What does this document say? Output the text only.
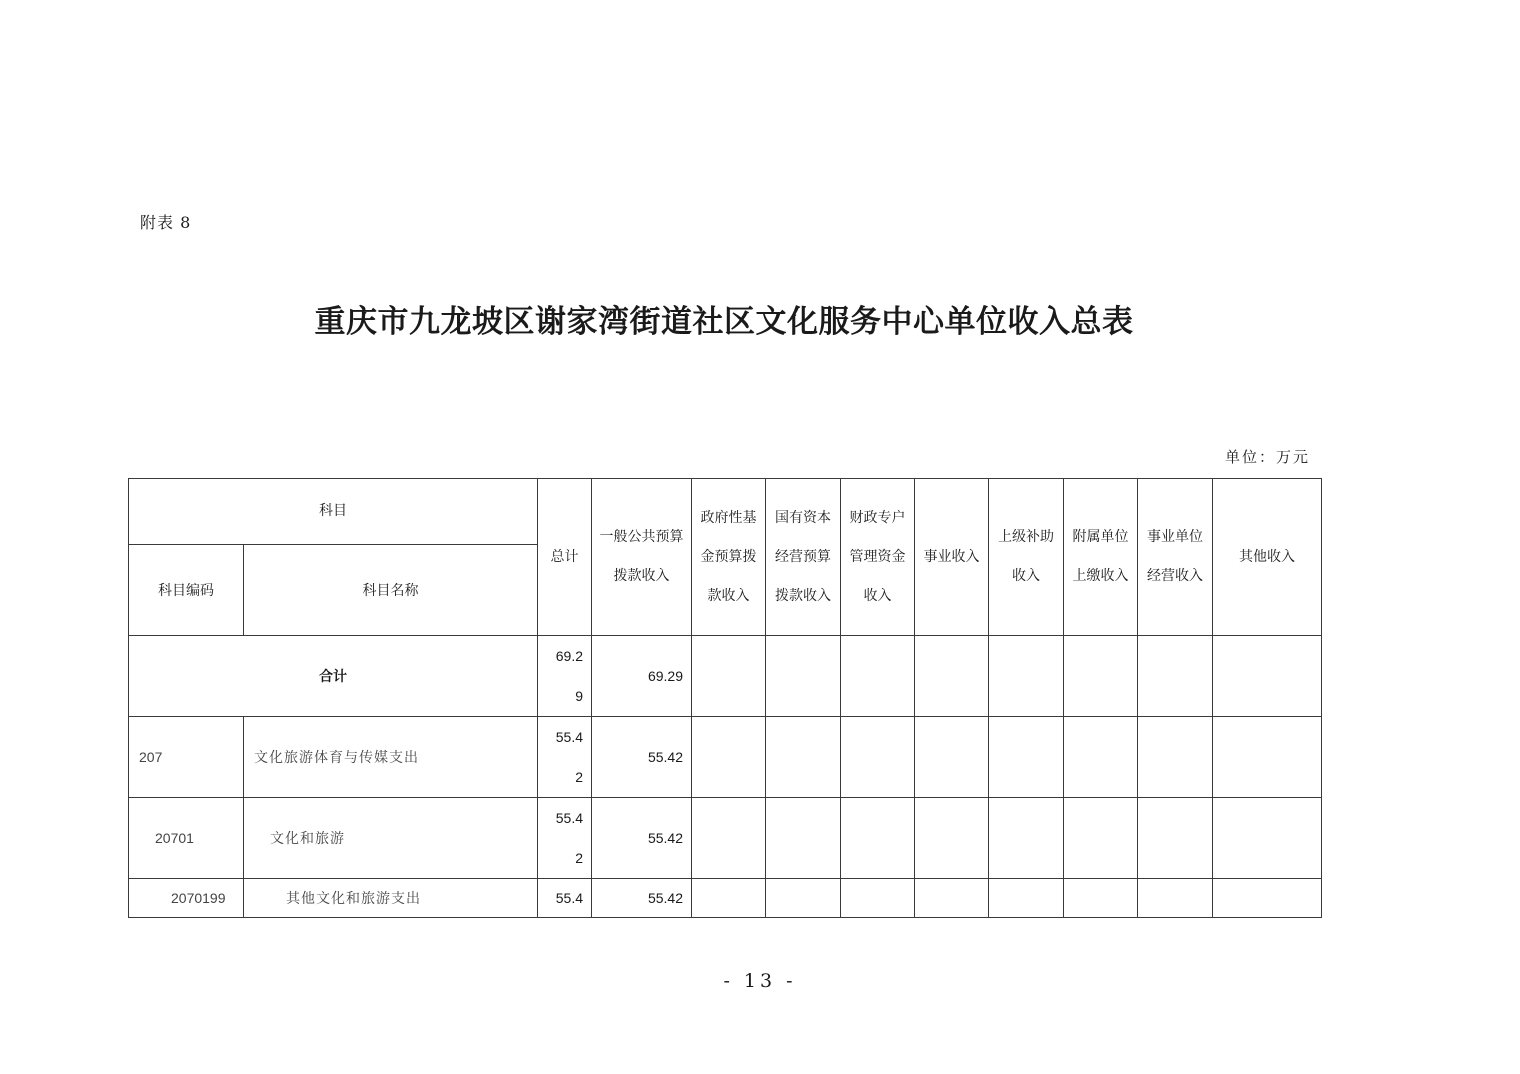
附表 8
重庆市九龙坡区谢家湾街道社区文化服务中心单位收入总表
单位：万元
科目		总计	一般公共预算拨款收入	政府性基金预算拨款收入	国有资本经营预算拨款收入	财政专户管理资金收入	事业收入	上级补助收入	附属单位上缴收入	事业单位经营收入	其他收入
科目编码	科目名称										
合计		69.29	69.29								
207	文化旅游体育与传媒支出	55.42	55.42								
20701	文化和旅游	55.42	55.42								
2070199	其他文化和旅游支出	55.4	55.42								
- 13 -
